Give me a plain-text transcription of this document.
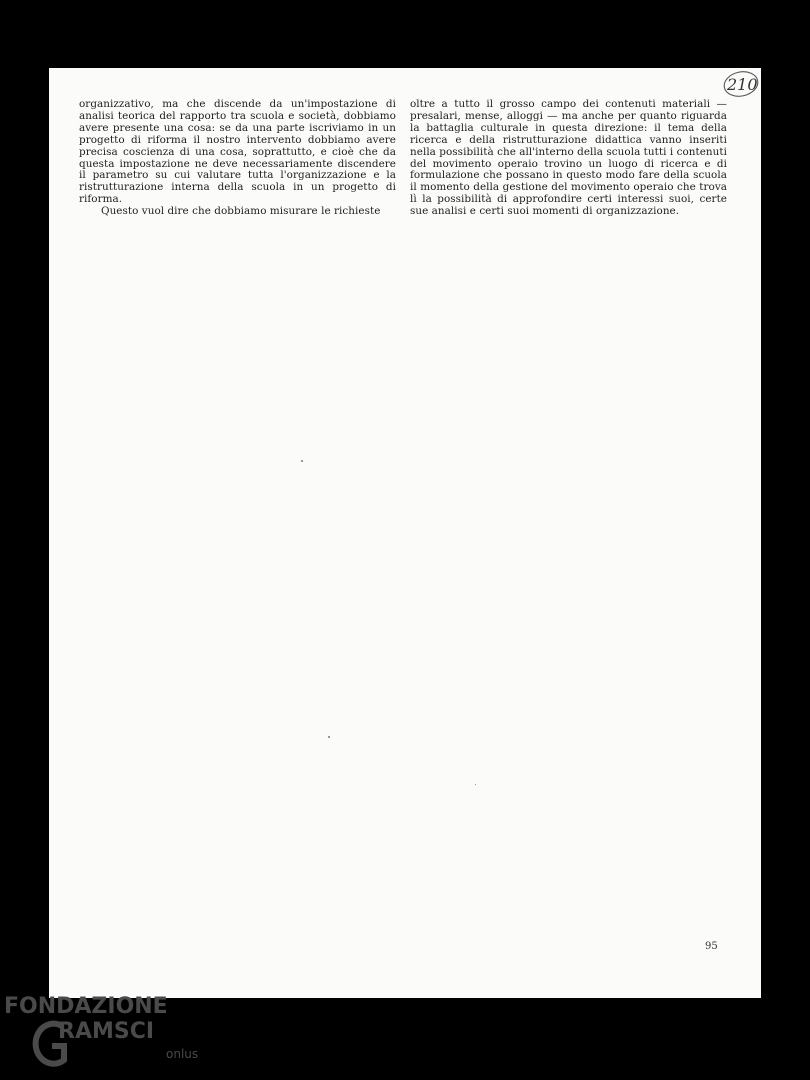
210

organizzativo, ma che discende da un'impostazione di analisi teorica del rapporto tra scuola e società, dobbiamo avere presente una cosa: se da una parte iscriviamo in un progetto di riforma il nostro intervento dobbiamo avere precisa coscienza di una cosa, soprattutto, e cioè che da questa impostazione ne deve necessariamente discendere il parametro su cui valutare tutta l'organizzazione e la ristrutturazione interna della scuola in un progetto di riforma.

Questo vuol dire che dobbiamo misurare le richieste

oltre a tutto il grosso campo dei contenuti materiali — presalari, mense, alloggi — ma anche per quanto riguarda la battaglia culturale in questa direzione: il tema della ricerca e della ristrutturazione didattica vanno inseriti nella possibilità che all'interno della scuola tutti i contenuti del movimento operaio trovino un luogo di ricerca e di formulazione che possano in questo modo fare della scuola il momento della gestione del movimento operaio che trova lì la possibilità di approfondire certi interessi suoi, certe sue analisi e certi suoi momenti di organizzazione.

95
FONDAZIONE
RAMSCI
onlus
